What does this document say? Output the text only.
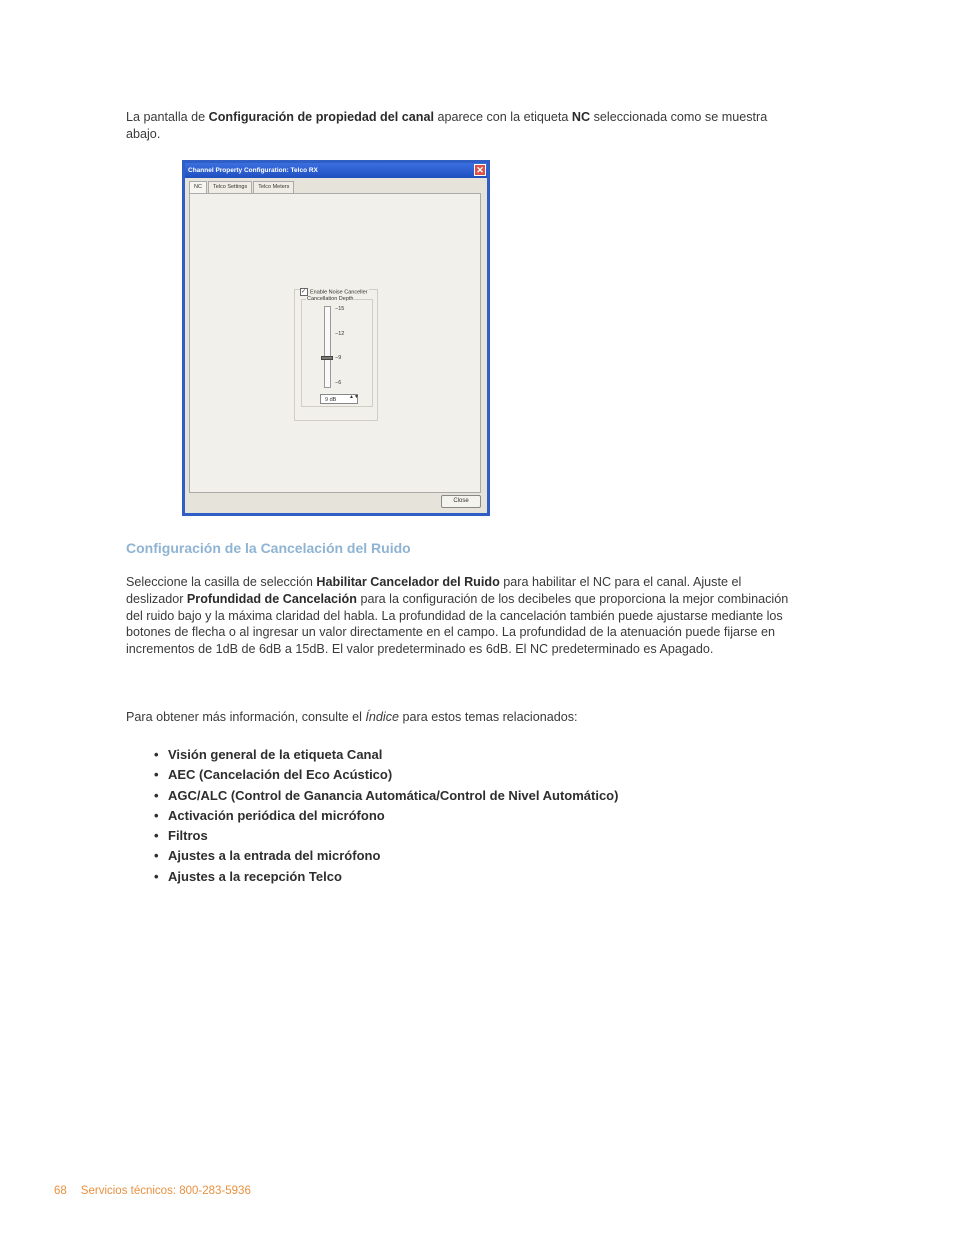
La pantalla de Configuración de propiedad del canal aparece con la etiqueta NC seleccionada como se muestra abajo.

Channel Property Configuration: Telco RX	✕
NC	Telco Settings	Telco Meters
✓ Enable Noise Canceller
Cancellation Depth
−15
−12
−9
−6
9 dB	▲▼
Close
Configuración de la Cancelación del Ruido

Seleccione la casilla de selección Habilitar Cancelador del Ruido para habilitar el NC para el canal. Ajuste el deslizador Profundidad de Cancelación para la configuración de los decibeles que proporciona la mejor combinación del ruido bajo y la máxima claridad del habla. La profundidad de la cancelación también puede ajustarse mediante los botones de flecha o al ingresar un valor directamente en el campo. La profundidad de la atenuación puede fijarse en incrementos de 1dB de 6dB a 15dB. El valor predeterminado es 6dB. El NC predeterminado es Apagado.

Para obtener más información, consulte el Índice para estos temas relacionados:

• Visión general de la etiqueta Canal
• AEC (Cancelación del Eco Acústico)
• AGC/ALC (Control de Ganancia Automática/Control de Nivel Automático)
• Activación periódica del micrófono
• Filtros
• Ajustes a la entrada del micrófono
• Ajustes a la recepción Telco
68 Servicios técnicos: 800-283-5936
